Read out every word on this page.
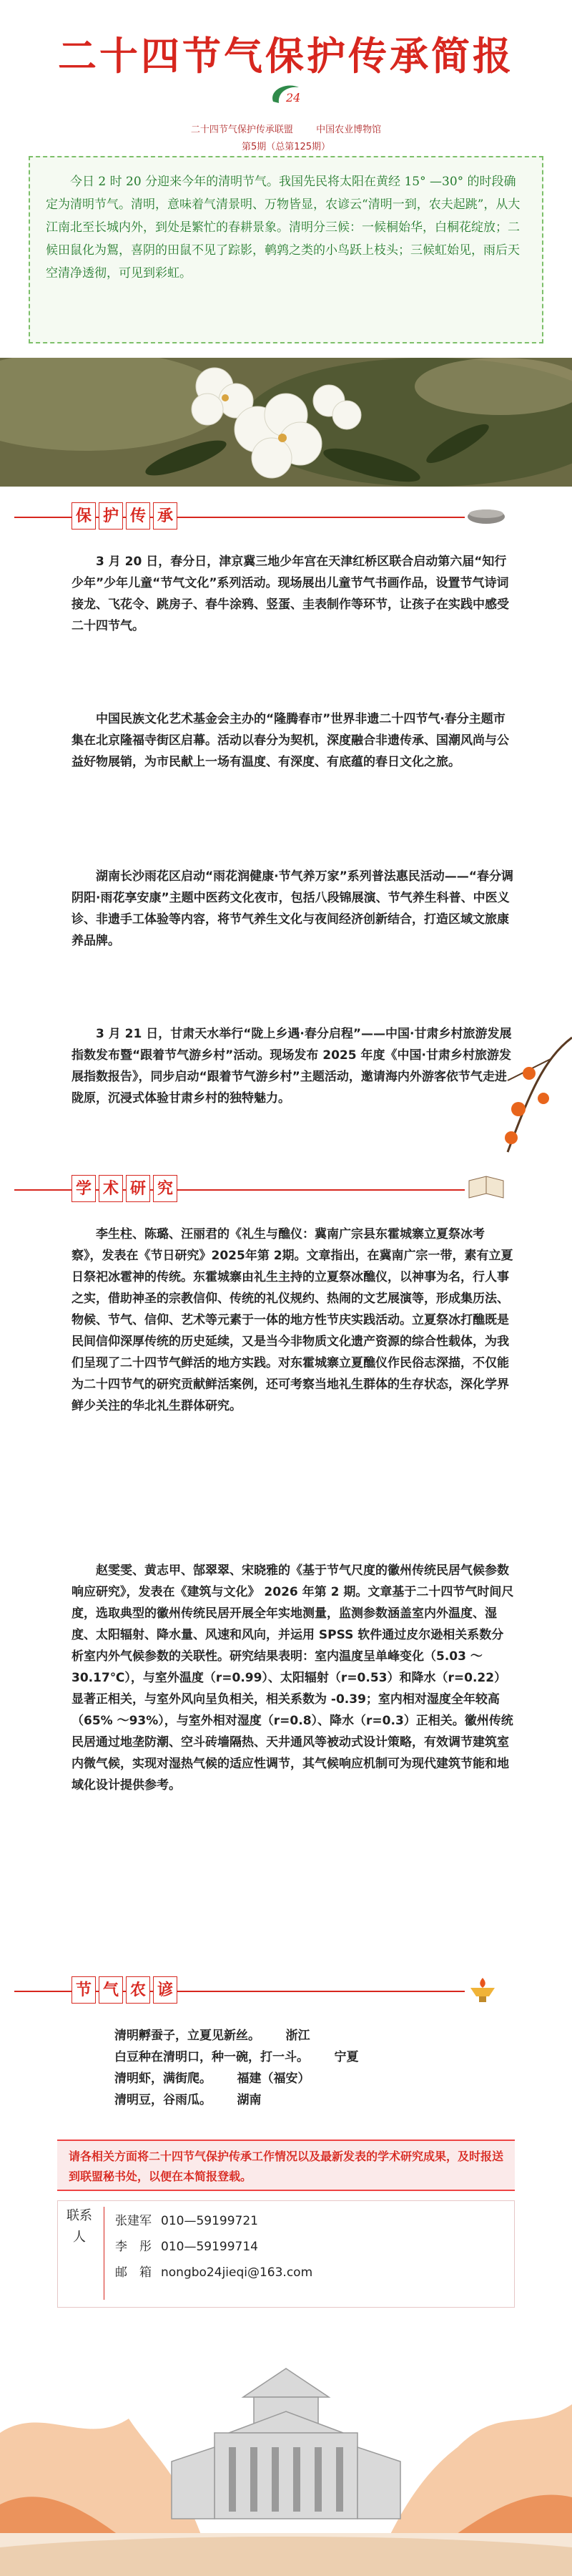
二十四节气保护传承简报
24
二十四节气保护传承联盟 中国农业博物馆
第5期（总第125期）
今日 2 时 20 分迎来今年的清明节气。我国先民将太阳在黄经 15° —30° 的时段确定为清明节气。清明，意味着气清景明、万物皆显，农谚云“清明一到，农夫起跳”，从大江南北至长城内外，到处是繁忙的春耕景象。清明分三候：一候桐始华，白桐花绽放；二候田鼠化为鴽，喜阴的田鼠不见了踪影，鹌鹑之类的小鸟跃上枝头；三候虹始见，雨后天空清净透彻，可见到彩虹。
保 护 传 承
3 月 20 日，春分日，津京冀三地少年宫在天津红桥区联合启动第六届“知行少年”少年儿童“节气文化”系列活动。现场展出儿童节气书画作品，设置节气诗词接龙、飞花令、跳房子、春牛涂鸦、竖蛋、圭表制作等环节，让孩子在实践中感受二十四节气。
中国民族文化艺术基金会主办的“隆腾春市”世界非遗二十四节气·春分主题市集在北京隆福寺街区启幕。活动以春分为契机，深度融合非遗传承、国潮风尚与公益好物展销，为市民献上一场有温度、有深度、有底蕴的春日文化之旅。
湖南长沙雨花区启动“雨花润健康·节气养万家”系列普法惠民活动——“春分调阴阳·雨花享安康”主题中医药文化夜市，包括八段锦展演、节气养生科普、中医义诊、非遗手工体验等内容，将节气养生文化与夜间经济创新结合，打造区域文旅康养品牌。
3 月 21 日，甘肃天水举行“陇上乡遇·春分启程”——中国·甘肃乡村旅游发展指数发布暨“跟着节气游乡村”活动。现场发布 2025 年度《中国·甘肃乡村旅游发展指数报告》，同步启动“跟着节气游乡村”主题活动，邀请海内外游客依节气走进陇原，沉浸式体验甘肃乡村的独特魅力。
学 术 研 究
李生柱、陈璐、汪丽君的《礼生与醮仪：冀南广宗县东霍城寨立夏祭冰考察》，发表在《节日研究》2025年第 2期。文章指出，在冀南广宗一带，素有立夏日祭祀冰雹神的传统。东霍城寨由礼生主持的立夏祭冰醮仪，以神事为名，行人事之实，借助神圣的宗教信仰、传统的礼仪规约、热闹的文艺展演等，形成集历法、物候、节气、信仰、艺术等元素于一体的地方性节庆实践活动。立夏祭冰打醮既是民间信仰深厚传统的历史延续，又是当今非物质文化遗产资源的综合性载体，为我们呈现了二十四节气鲜活的地方实践。对东霍城寨立夏醮仪作民俗志深描，不仅能为二十四节气的研究贡献鲜活案例，还可考察当地礼生群体的生存状态，深化学界鲜少关注的华北礼生群体研究。
赵雯雯、黄志甲、郜翠翠、宋晓雅的《基于节气尺度的徽州传统民居气候参数响应研究》，发表在《建筑与文化》 2026 年第 2 期。文章基于二十四节气时间尺度，选取典型的徽州传统民居开展全年实地测量，监测参数涵盖室内外温度、湿度、太阳辐射、降水量、风速和风向，并运用 SPSS 软件通过皮尔逊相关系数分析室内外气候参数的关联性。研究结果表明：室内温度呈单峰变化（5.03 ～30.17℃），与室外温度（r=0.99）、太阳辐射（r=0.53）和降水（r=0.22）显著正相关，与室外风向呈负相关，相关系数为 -0.39；室内相对湿度全年较高（65% ～93%），与室外相对湿度（r=0.8）、降水（r=0.3）正相关。徽州传统民居通过地垄防潮、空斗砖墙隔热、天井通风等被动式设计策略，有效调节建筑室内微气候，实现对湿热气候的适应性调节，其气候响应机制可为现代建筑节能和地域化设计提供参考。
节 气 农 谚
清明孵蚕子，立夏见新丝。      浙江
白豆种在清明口，种一碗，打一斗。      宁夏
清明虾，满街爬。      福建（福安）
清明豆，谷雨瓜。      湖南
请各相关方面将二十四节气保护传承工作情况以及最新发表的学术研究成果，及时报送到联盟秘书处，以便在本简报登载。
联系人
张建军 010—59199721
李　彤 010—59199714
邮　箱 nongbo24jieqi@163.com
